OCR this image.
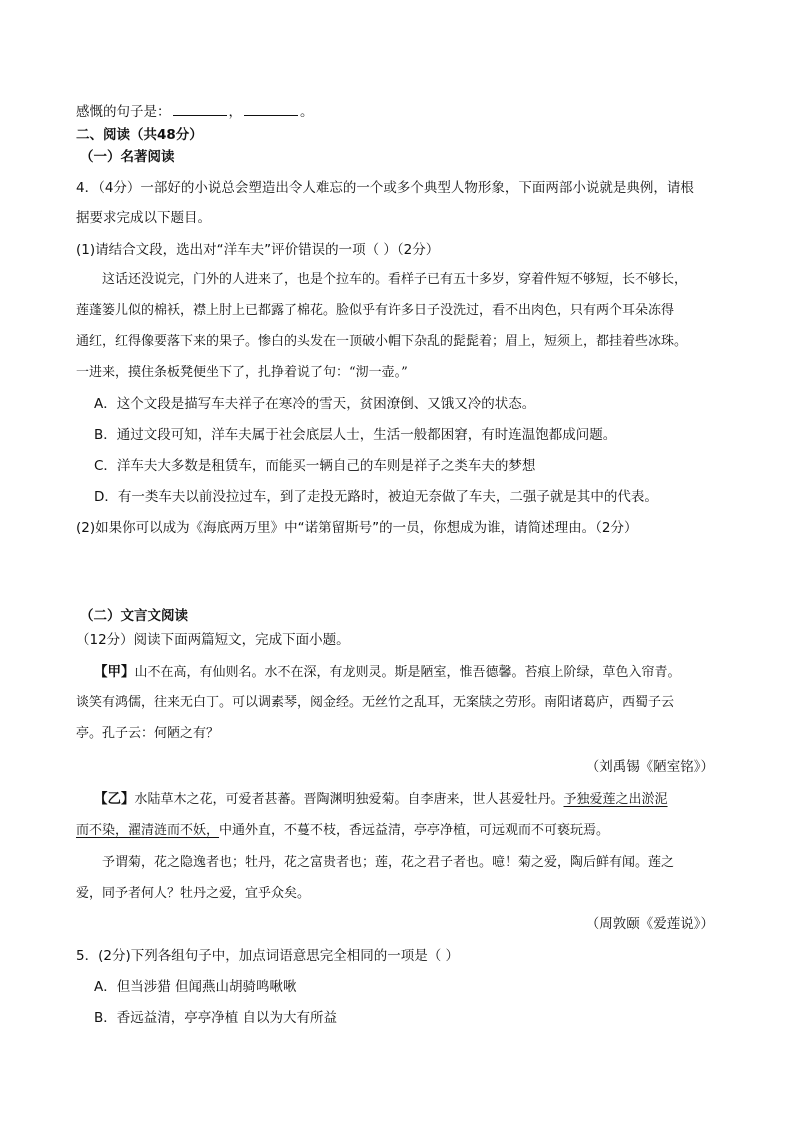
感慨的句子是：	，	。
二、阅读（共48分）
（一）名著阅读
4．（4分）一部好的小说总会塑造出令人难忘的一个或多个典型人物形象，下面两部小说就是典例，请根
据要求完成以下题目。
(1)请结合文段，选出对“洋车夫”评价错误的一项（ ）（2分）
这话还没说完，门外的人进来了，也是个拉车的。看样子已有五十多岁，穿着件短不够短，长不够长，
莲蓬篓儿似的棉袄，襟上肘上已都露了棉花。脸似乎有许多日子没洗过，看不出肉色，只有两个耳朵冻得
通红，红得像要落下来的果子。惨白的头发在一顶破小帽下杂乱的髭髭着；眉上，短须上，都挂着些冰珠。
一进来，摸住条板凳便坐下了，扎挣着说了句：“沏一壶。”
A．这个文段是描写车夫祥子在寒冷的雪天，贫困潦倒、又饿又冷的状态。
B．通过文段可知，洋车夫属于社会底层人士，生活一般都困窘，有时连温饱都成问题。
C．洋车夫大多数是租赁车，而能买一辆自己的车则是祥子之类车夫的梦想
D．有一类车夫以前没拉过车，到了走投无路时，被迫无奈做了车夫，二强子就是其中的代表。
(2)如果你可以成为《海底两万里》中“诺第留斯号”的一员，你想成为谁，请简述理由。（2分）
（二）文言文阅读
（12分）阅读下面两篇短文，完成下面小题。
【甲】山不在高，有仙则名。水不在深，有龙则灵。斯是陋室，惟吾德馨。苔痕上阶绿，草色入帘青。
谈笑有鸿儒，往来无白丁。可以调素琴，阅金经。无丝竹之乱耳，无案牍之劳形。南阳诸葛庐，西蜀子云
亭。孔子云：何陋之有？
（刘禹锡《陋室铭》）
【乙】水陆草木之花，可爱者甚蕃。晋陶渊明独爱菊。自李唐来，世人甚爱牡丹。予独爱莲之出淤泥
而不染，濯清涟而不妖，中通外直，不蔓不枝，香远益清，亭亭净植，可远观而不可亵玩焉。
予谓菊，花之隐逸者也；牡丹，花之富贵者也；莲，花之君子者也。噫！菊之爱，陶后鲜有闻。莲之
爱，同予者何人？牡丹之爱，宜乎众矣。
（周敦颐《爱莲说》）
5．(2分)下列各组句子中，加点词语意思完全相同的一项是（ ）
A．但当涉猎 但闻燕山胡骑鸣啾啾
B．香远益清，亭亭净植 自以为大有所益
